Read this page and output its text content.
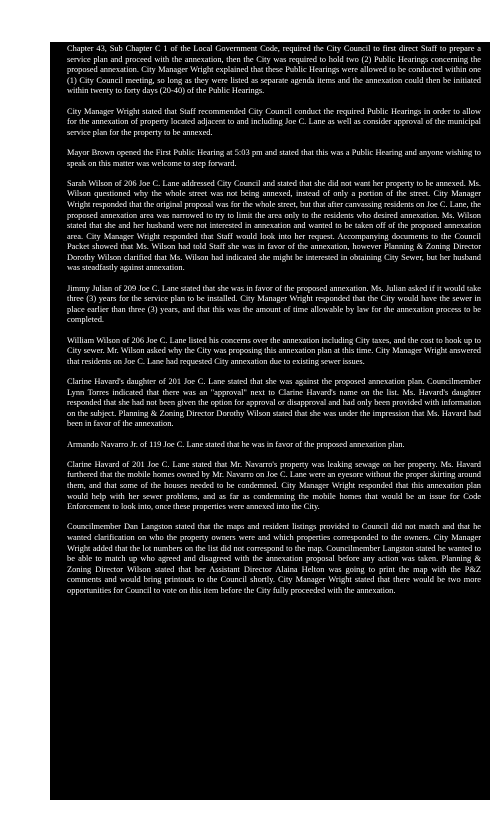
Chapter 43, Sub Chapter C 1 of the Local Government Code, required the City Council to first direct Staff to prepare a service plan and proceed with the annexation, then the City was required to hold two (2) Public Hearings concerning the proposed annexation. City Manager Wright explained that these Public Hearings were allowed to be conducted within one (1) City Council meeting, so long as they were listed as separate agenda items and the annexation could then be initiated within twenty to forty days (20-40) of the Public Hearings.

City Manager Wright stated that Staff recommended City Council conduct the required Public Hearings in order to allow for the annexation of property located adjacent to and including Joe C. Lane as well as consider approval of the municipal service plan for the property to be annexed.

Mayor Brown opened the First Public Hearing at 5:03 pm and stated that this was a Public Hearing and anyone wishing to speak on this matter was welcome to step forward.

Sarah Wilson of 206 Joe C. Lane addressed City Council and stated that she did not want her property to be annexed. Ms. Wilson questioned why the whole street was not being annexed, instead of only a portion of the street. City Manager Wright responded that the original proposal was for the whole street, but that after canvassing residents on Joe C. Lane, the proposed annexation area was narrowed to try to limit the area only to the residents who desired annexation. Ms. Wilson stated that she and her husband were not interested in annexation and wanted to be taken off of the proposed annexation area. City Manager Wright responded that Staff would look into her request. Accompanying documents to the Council Packet showed that Ms. Wilson had told Staff she was in favor of the annexation, however Planning & Zoning Director Dorothy Wilson clarified that Ms. Wilson had indicated she might be interested in obtaining City Sewer, but her husband was steadfastly against annexation.

Jimmy Julian of 209 Joe C. Lane stated that she was in favor of the proposed annexation. Ms. Julian asked if it would take three (3) years for the service plan to be installed. City Manager Wright responded that the City would have the sewer in place earlier than three (3) years, and that this was the amount of time allowable by law for the annexation process to be completed.

William Wilson of 206 Joe C. Lane listed his concerns over the annexation including City taxes, and the cost to hook up to City sewer. Mr. Wilson asked why the City was proposing this annexation plan at this time. City Manager Wright answered that residents on Joe C. Lane had requested City annexation due to existing sewer issues.

Clarine Havard's daughter of 201 Joe C. Lane stated that she was against the proposed annexation plan. Councilmember Lynn Torres indicated that there was an "approval" next to Clarine Havard's name on the list. Ms. Havard's daughter responded that she had not been given the option for approval or disapproval and had only been provided with information on the subject. Planning & Zoning Director Dorothy Wilson stated that she was under the impression that Ms. Havard had been in favor of the annexation.

Armando Navarro Jr. of 119 Joe C. Lane stated that he was in favor of the proposed annexation plan.

Clarine Havard of 201 Joe C. Lane stated that Mr. Navarro's property was leaking sewage on her property. Ms. Havard furthered that the mobile homes owned by Mr. Navarro on Joe C. Lane were an eyesore without the proper skirting around them, and that some of the houses needed to be condemned. City Manager Wright responded that this annexation plan would help with her sewer problems, and as far as condemning the mobile homes that would be an issue for Code Enforcement to look into, once these properties were annexed into the City.

Councilmember Dan Langston stated that the maps and resident listings provided to Council did not match and that he wanted clarification on who the property owners were and which properties corresponded to the owners. City Manager Wright added that the lot numbers on the list did not correspond to the map. Councilmember Langston stated he wanted to be able to match up who agreed and disagreed with the annexation proposal before any action was taken. Planning & Zoning Director Wilson stated that her Assistant Director Alaina Helton was going to print the map with the P&Z comments and would bring printouts to the Council shortly. City Manager Wright stated that there would be two more opportunities for Council to vote on this item before the City fully proceeded with the annexation.

2	Bulkin City Council Minutes – November 18, 2011
